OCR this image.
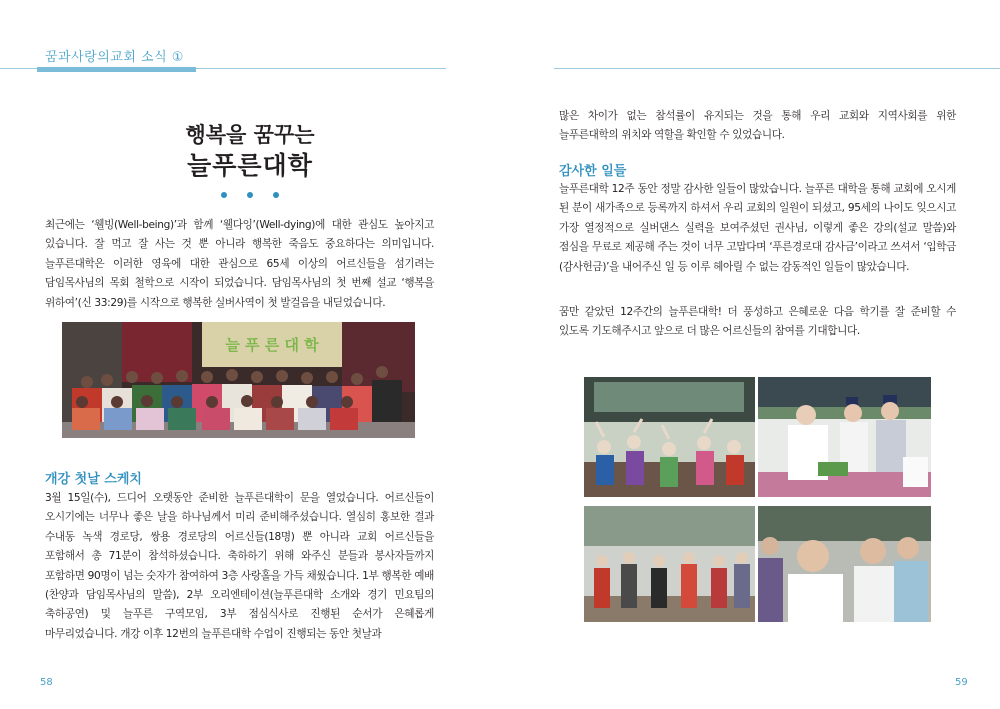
꿈과사랑의교회 소식 ①
행복을 꿈꾸는
늘푸른대학
최근에는 ‘웰빙(Well-being)’과 함께 ‘웰다잉’(Well-dying)에 대한 관심도 높아지고 있습니다. 잘 먹고 잘 사는 것 뿐 아니라 행복한 죽음도 중요하다는 의미입니다. 늘푸른대학은 이러한 영육에 대한 관심으로 65세 이상의 어르신들을 섬기려는 담임목사님의 목회 철학으로 시작이 되었습니다. 담임목사님의 첫 번째 설교 ‘행복을 위하여’(신 33:29)를 시작으로 행복한 실버사역이 첫 발걸음을 내딛었습니다.
늘 푸 른 대 학
개강 첫날 스케치
3월 15일(수), 드디어 오랫동안 준비한 늘푸른대학이 문을 열었습니다. 어르신들이 오시기에는 너무나 좋은 날을 하나님께서 미리 준비해주셨습니다. 열심히 홍보한 결과 수내동 녹색 경로당, 쌍용 경로당의 어르신들(18명) 뿐 아니라 교회 어르신들을 포함해서 총 71분이 참석하셨습니다. 축하하기 위해 와주신 분들과 봉사자들까지 포함하면 90명이 넘는 숫자가 참여하여 3층 사랑홀을 가득 채웠습니다. 1부 행복한 예배(찬양과 담임목사님의 말씀), 2부 오리엔테이션(늘푸른대학 소개와 경기 민요팀의 축하공연) 및 늘푸른 구역모임, 3부 점심식사로 진행된 순서가 은혜롭게 마무리었습니다. 개강 이후 12번의 늘푸른대학 수업이 진행되는 동안 첫날과
58
많은 차이가 없는 참석률이 유지되는 것을 통해 우리 교회와 지역사회를 위한 늘푸른대학의 위치와 역할을 확인할 수 있었습니다.
감사한 일들
늘푸른대학 12주 동안 정말 감사한 일들이 많았습니다. 늘푸른 대학을 통해 교회에 오시게 된 분이 새가족으로 등록까지 하셔서 우리 교회의 일원이 되셨고, 95세의 나이도 잊으시고 가장 열정적으로 실버댄스 실력을 보여주셨던 권사님, 이렇게 좋은 강의(설교 말씀)와 점심을 무료로 제공해 주는 것이 너무 고맙다며 ‘푸른경로대 감사금’이라고 쓰셔서 ‘입학금(감사헌금)’을 내어주신 일 등 이루 헤아릴 수 없는 감동적인 일들이 많았습니다.
꿈만 같았던 12주간의 늘푸른대학! 더 풍성하고 은혜로운 다음 학기를 잘 준비할 수 있도록 기도해주시고 앞으로 더 많은 어르신들의 참여를 기대합니다.
59
